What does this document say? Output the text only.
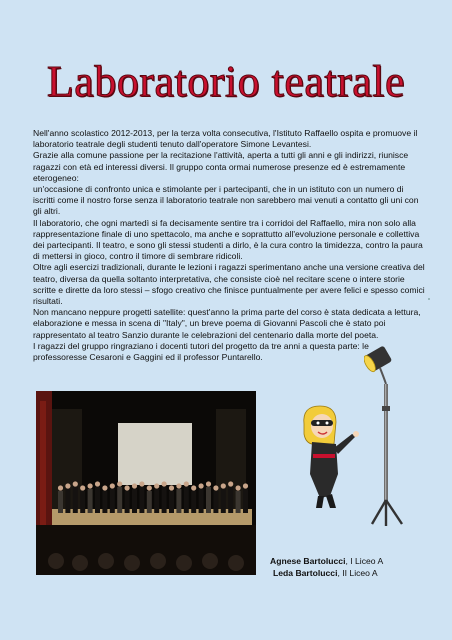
Laboratorio teatrale

Nell'anno scolastico 2012-2013, per la terza volta consecutiva, l'Istituto Raffaello ospita e promuove il laboratorio teatrale degli studenti tenuto dall'operatore Simone Levantesi.

Grazie alla comune passione per la recitazione l'attività, aperta a tutti gli anni e gli indirizzi, riunisce ragazzi con età ed interessi diversi. Il gruppo conta ormai numerose presenze ed è estremamente eterogeneo:

un'occasione di confronto unica e stimolante per i partecipanti, che in un istituto con un numero di iscritti come il nostro forse senza il laboratorio teatrale non sarebbero mai venuti a contatto gli uni con gli altri.

Il laboratorio, che ogni martedì si fa decisamente sentire tra i corridoi del Raffaello, mira non solo alla rappresentazione finale di uno spettacolo, ma anche e soprattutto all'evoluzione personale e collettiva dei partecipanti. Il teatro, e sono gli stessi studenti a dirlo, è la cura contro la timidezza, contro la paura di mettersi in gioco, contro il timore di sembrare ridicoli.

Oltre agli esercizi tradizionali, durante le lezioni i ragazzi sperimentano anche una versione creativa del teatro, diversa da quella soltanto interpretativa, che consiste cioè nel recitare scene o intere storie scritte e dirette da loro stessi – sfogo creativo che finisce puntualmente per avere felici e spesso comici risultati.

Non mancano neppure progetti satellite: quest'anno la prima parte del corso è stata dedicata a lettura, elaborazione e messa in scena di "Italy", un breve poema di Giovanni Pascoli che è stato poi rappresentato al teatro Sanzio durante le celebrazioni del centenario dalla morte del poeta.

I ragazzi del gruppo ringraziano i docenti tutori del progetto da tre anni a questa parte: le professoresse Cesaroni e Gaggini ed il professor Puntarello.

Agnese Bartolucci, I Liceo A
Leda Bartolucci, II Liceo A
